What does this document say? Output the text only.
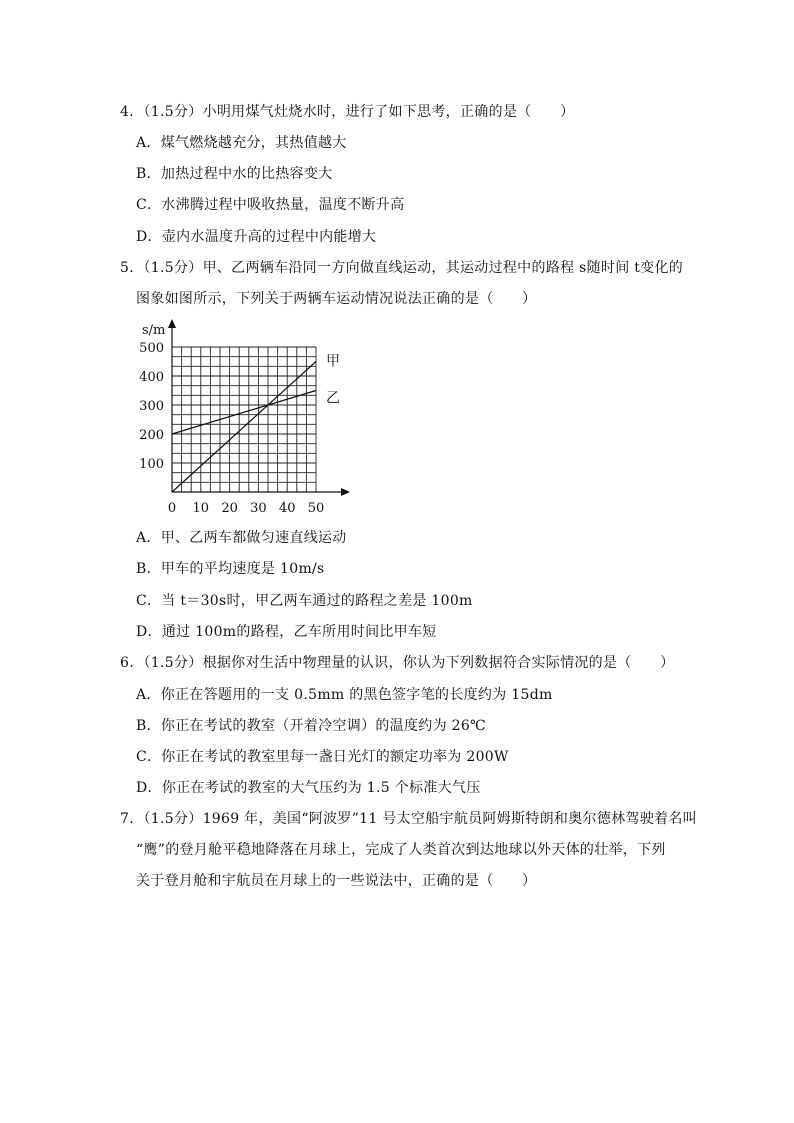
4．（1.5分）小明用煤气灶烧水时，进行了如下思考，正确的是（　　）
A．煤气燃烧越充分，其热值越大
B．加热过程中水的比热容变大
C．水沸腾过程中吸收热量，温度不断升高
D．壶内水温度升高的过程中内能增大
5．（1.5分）甲、乙两辆车沿同一方向做直线运动，其运动过程中的路程 s随时间 t变化的
图象如图所示，下列关于两辆车运动情况说法正确的是（　　）
s/m
100
200
300
400
500
0 10 20 30 40 50
甲
乙
A．甲、乙两车都做匀速直线运动
B．甲车的平均速度是 10m/s
C．当 t＝30s时，甲乙两车通过的路程之差是 100m
D．通过 100m的路程，乙车所用时间比甲车短
6．（1.5分）根据你对生活中物理量的认识，你认为下列数据符合实际情况的是（　　）
A．你正在答题用的一支 0.5mm 的黑色签字笔的长度约为 15dm
B．你正在考试的教室（开着冷空调）的温度约为 26℃
C．你正在考试的教室里每一盏日光灯的额定功率为 200W
D．你正在考试的教室的大气压约为 1.5 个标准大气压
7．（1.5分）1969 年，美国“阿波罗”11 号太空船宇航员阿姆斯特朗和奥尔德林驾驶着名叫
“鹰”的登月舱平稳地降落在月球上，完成了人类首次到达地球以外天体的壮举，下列
关于登月舱和宇航员在月球上的一些说法中，正确的是（　　）
